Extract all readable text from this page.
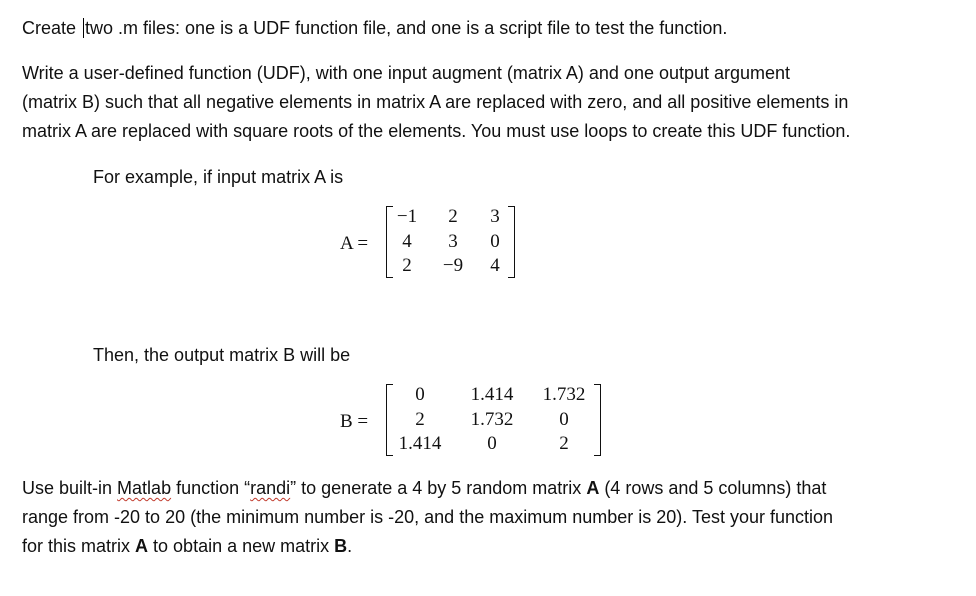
Create two .m files: one is a UDF function file, and one is a script file to test the function.
Write a user-defined function (UDF), with one input augment (matrix A) and one output argument
(matrix B) such that all negative elements in matrix A are replaced with zero, and all positive elements in
matrix A are replaced with square roots of the elements. You must use loops to create this UDF function.
For example, if input matrix A is
A =
−1	2	3
4	3	0
2	−9	4
Then, the output matrix B will be
B =
0	1.414	1.732
2	1.732	0
1.414	0	2
Use built-in Matlab function “randi” to generate a 4 by 5 random matrix A (4 rows and 5 columns) that
range from -20 to 20 (the minimum number is -20, and the maximum number is 20). Test your function
for this matrix A to obtain a new matrix B.
